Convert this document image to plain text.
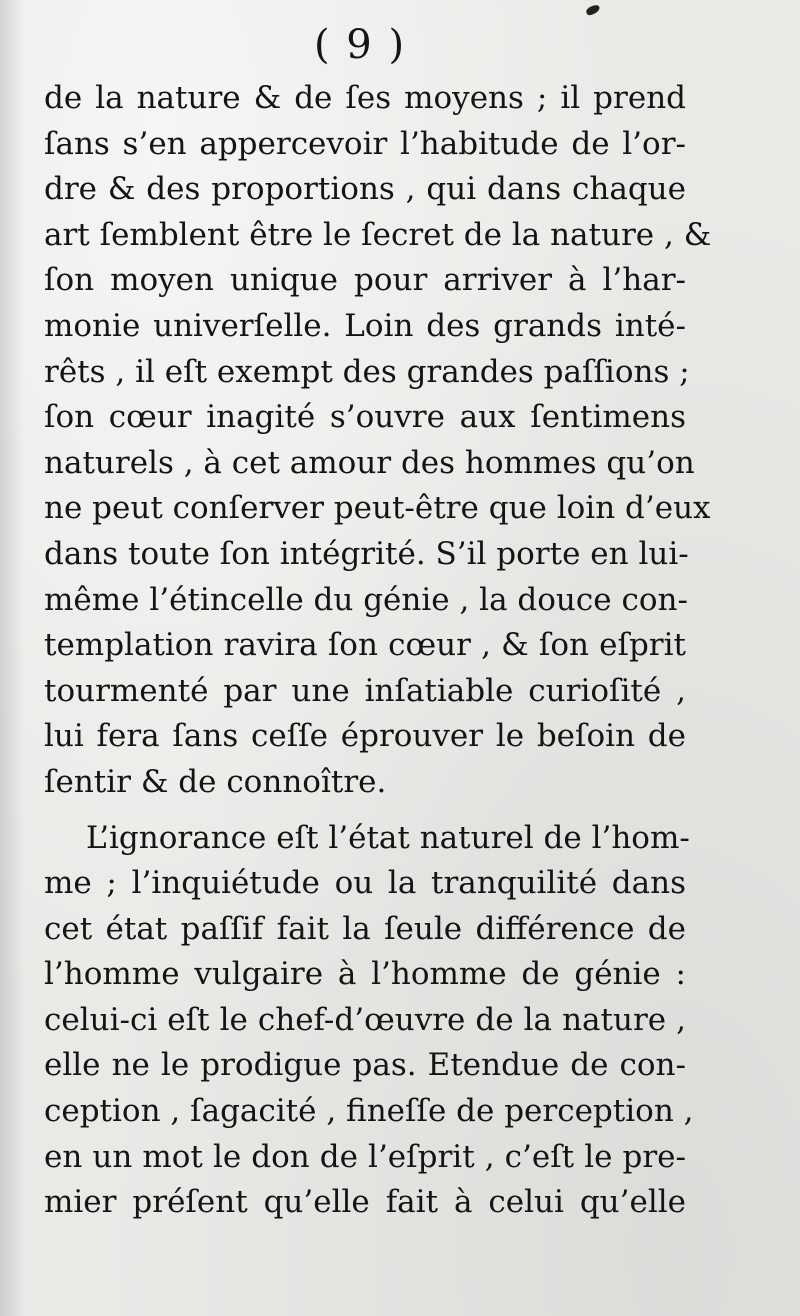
( 9 )
de la nature & de ſes moyens ; il prend
ſans s’en appercevoir l’habitude de l’or-
dre & des proportions , qui dans chaque
art ſemblent être le ſecret de la nature , &
ſon moyen unique pour arriver à l’har-
monie univerſelle. Loin des grands inté-
rêts , il eſt exempt des grandes paſſions ;
ſon cœur inagité s’ouvre aux ſentimens
naturels , à cet amour des hommes qu’on
ne peut conſerver peut-être que loin d’eux
dans toute ſon intégrité. S’il porte en lui-
même l’étincelle du génie , la douce con-
templation ravira ſon cœur , & ſon eſprit
tourmenté par une inſatiable curioſité ,
lui fera ſans ceſſe éprouver le beſoin de
ſentir & de connoître.
L’ignorance eſt l’état naturel de l’hom-
me ; l’inquiétude ou la tranquilité dans
cet état paſſif fait la ſeule différence de
l’homme vulgaire à l’homme de génie :
celui-ci eſt le chef-d’œuvre de la nature ,
elle ne le prodigue pas. Etendue de con-
ception , ſagacité , fineſſe de perception ,
en un mot le don de l’eſprit , c’eſt le pre-
mier préſent qu’elle fait à celui qu’elle
